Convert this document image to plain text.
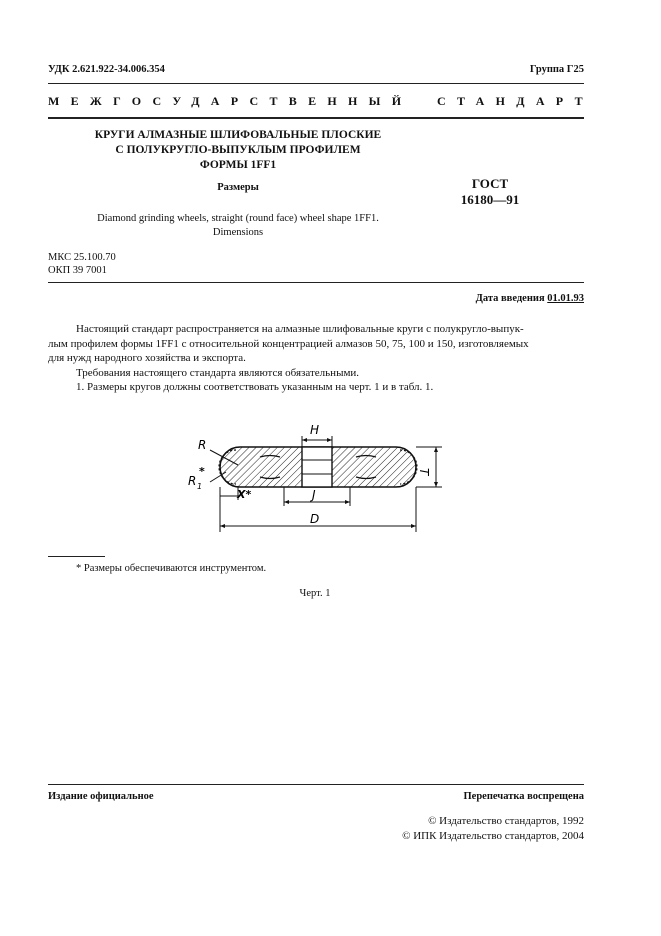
УДК 2.621.922-34.006.354	Группа Г25
МЕЖГОСУДАРСТВЕННЫЙ СТАНДАРТ
КРУГИ АЛМАЗНЫЕ ШЛИФОВАЛЬНЫЕ ПЛОСКИЕ
С ПОЛУКРУГЛО-ВЫПУКЛЫМ ПРОФИЛЕМ
ФОРМЫ 1FF1
Размеры
Diamond grinding wheels, straight (round face) wheel shape 1FF1.
Dimensions
ГОСТ
16180—91
МКС 25.100.70
ОКП 39 7001
Дата введения 01.01.93

Настоящий стандарт распространяется на алмазные шлифовальные круги с полукругло-выпук-

лым профилем формы 1FF1 с относительной концентрацией алмазов 50, 75, 100 и 150, изготовляемых

для нужд народного хозяйства и экспорта.

Требования настоящего стандарта являются обязательными.

1. Размеры кругов должны соответствовать указанным на черт. 1 и в табл. 1.

H
T
J
D
R
R 1
*
X*
* Размеры обеспечиваются инструментом.
Черт. 1
Издание официальное	Перепечатка воспрещена
© Издательство стандартов, 1992
© ИПК Издательство стандартов, 2004
